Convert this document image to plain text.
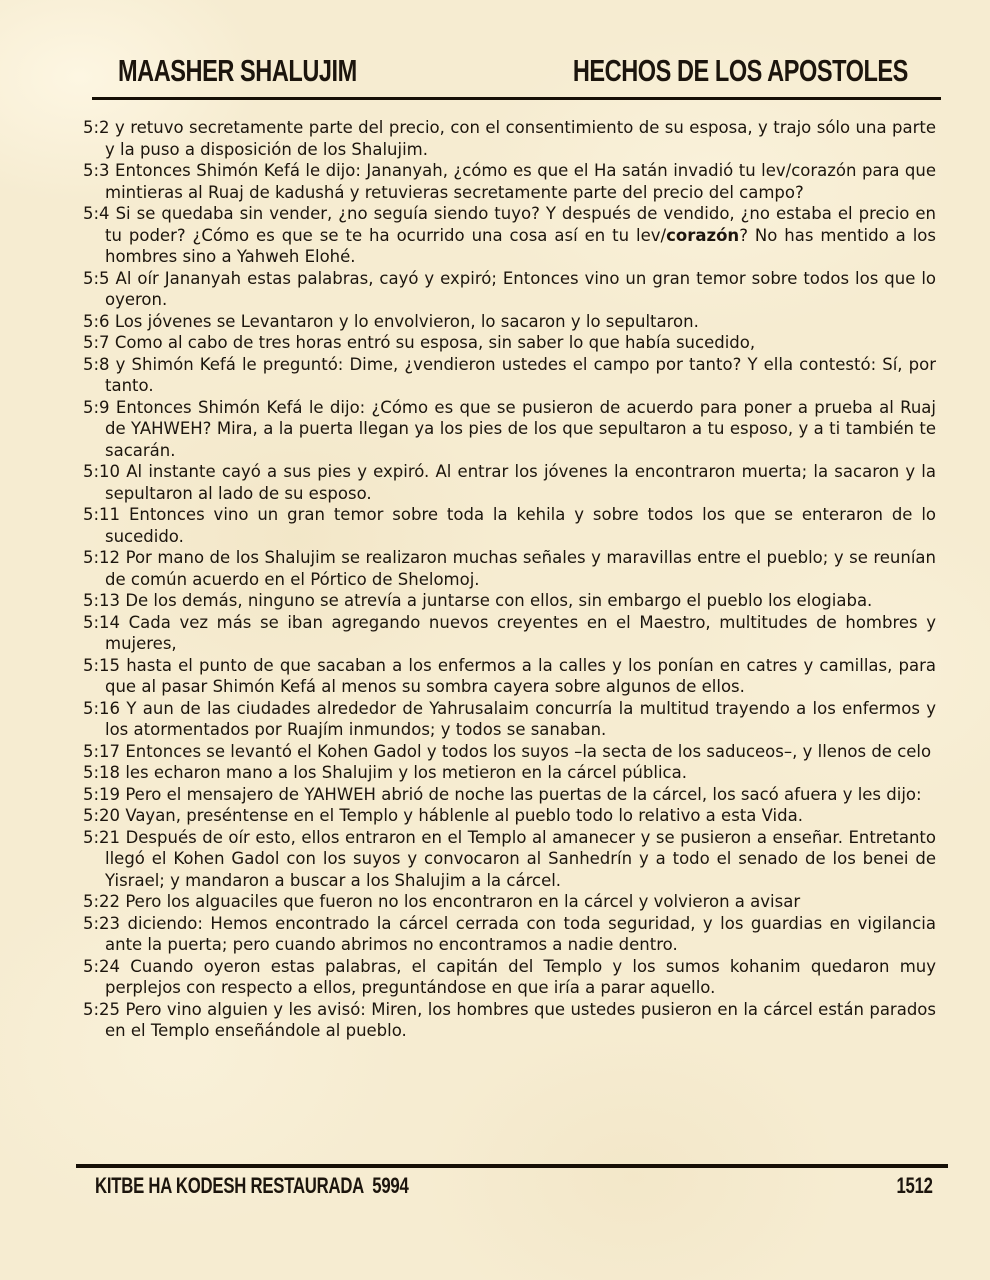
MAASHER SHALUJIM	HECHOS DE LOS APOSTOLES

5:2 y retuvo secretamente parte del precio, con el consentimiento de su esposa, y trajo sólo una parte y la puso a disposición de los Shalujim.

5:3 Entonces Shimón Kefá le dijo: Jananyah, ¿cómo es que el Ha satán invadió tu lev/corazón para que mintieras al Ruaj de kadushá y retuvieras secretamente parte del precio del campo?

5:4 Si se quedaba sin vender, ¿no seguía siendo tuyo? Y después de vendido, ¿no estaba el precio en tu poder? ¿Cómo es que se te ha ocurrido una cosa así en tu lev/corazón? No has mentido a los hombres sino a Yahweh Elohé.

5:5 Al oír Jananyah estas palabras, cayó y expiró; Entonces vino un gran temor sobre todos los que lo oyeron.

5:6 Los jóvenes se Levantaron y lo envolvieron, lo sacaron y lo sepultaron.

5:7 Como al cabo de tres horas entró su esposa, sin saber lo que había sucedido,

5:8 y Shimón Kefá le preguntó: Dime, ¿vendieron ustedes el campo por tanto? Y ella contestó: Sí, por tanto.

5:9 Entonces Shimón Kefá le dijo: ¿Cómo es que se pusieron de acuerdo para poner a prueba al Ruaj de YAHWEH? Mira, a la puerta llegan ya los pies de los que sepultaron a tu esposo, y a ti también te sacarán.

5:10 Al instante cayó a sus pies y expiró. Al entrar los jóvenes la encontraron muerta; la sacaron y la sepultaron al lado de su esposo.

5:11 Entonces vino un gran temor sobre toda la kehila y sobre todos los que se enteraron de lo sucedido.

5:12 Por mano de los Shalujim se realizaron muchas señales y maravillas entre el pueblo; y se reunían de común acuerdo en el Pórtico de Shelomoj.

5:13 De los demás, ninguno se atrevía a juntarse con ellos, sin embargo el pueblo los elogiaba.

5:14 Cada vez más se iban agregando nuevos creyentes en el Maestro, multitudes de hombres y mujeres,

5:15 hasta el punto de que sacaban a los enfermos a la calles y los ponían en catres y camillas, para que al pasar Shimón Kefá al menos su sombra cayera sobre algunos de ellos.

5:16 Y aun de las ciudades alrededor de Yahrusalaim concurría la multitud trayendo a los enfermos y los atormentados por Ruajím inmundos; y todos se sanaban.

5:17 Entonces se levantó el Kohen Gadol y todos los suyos –la secta de los saduceos–, y llenos de celo

5:18 les echaron mano a los Shalujim y los metieron en la cárcel pública.

5:19 Pero el mensajero de YAHWEH abrió de noche las puertas de la cárcel, los sacó afuera y les dijo:

5:20 Vayan, preséntense en el Templo y háblenle al pueblo todo lo relativo a esta Vida.

5:21 Después de oír esto, ellos entraron en el Templo al amanecer y se pusieron a enseñar. Entretanto llegó el Kohen Gadol con los suyos y convocaron al Sanhedrín y a todo el senado de los benei de Yisrael; y mandaron a buscar a los Shalujim a la cárcel.

5:22 Pero los alguaciles que fueron no los encontraron en la cárcel y volvieron a avisar

5:23 diciendo: Hemos encontrado la cárcel cerrada con toda seguridad, y los guardias en vigilancia ante la puerta; pero cuando abrimos no encontramos a nadie dentro.

5:24 Cuando oyeron estas palabras, el capitán del Templo y los sumos kohanim quedaron muy perplejos con respecto a ellos, preguntándose en que iría a parar aquello.

5:25 Pero vino alguien y les avisó: Miren, los hombres que ustedes pusieron en la cárcel están parados en el Templo enseñándole al pueblo.

KITBE HA KODESH RESTAURADA  5994	1512
